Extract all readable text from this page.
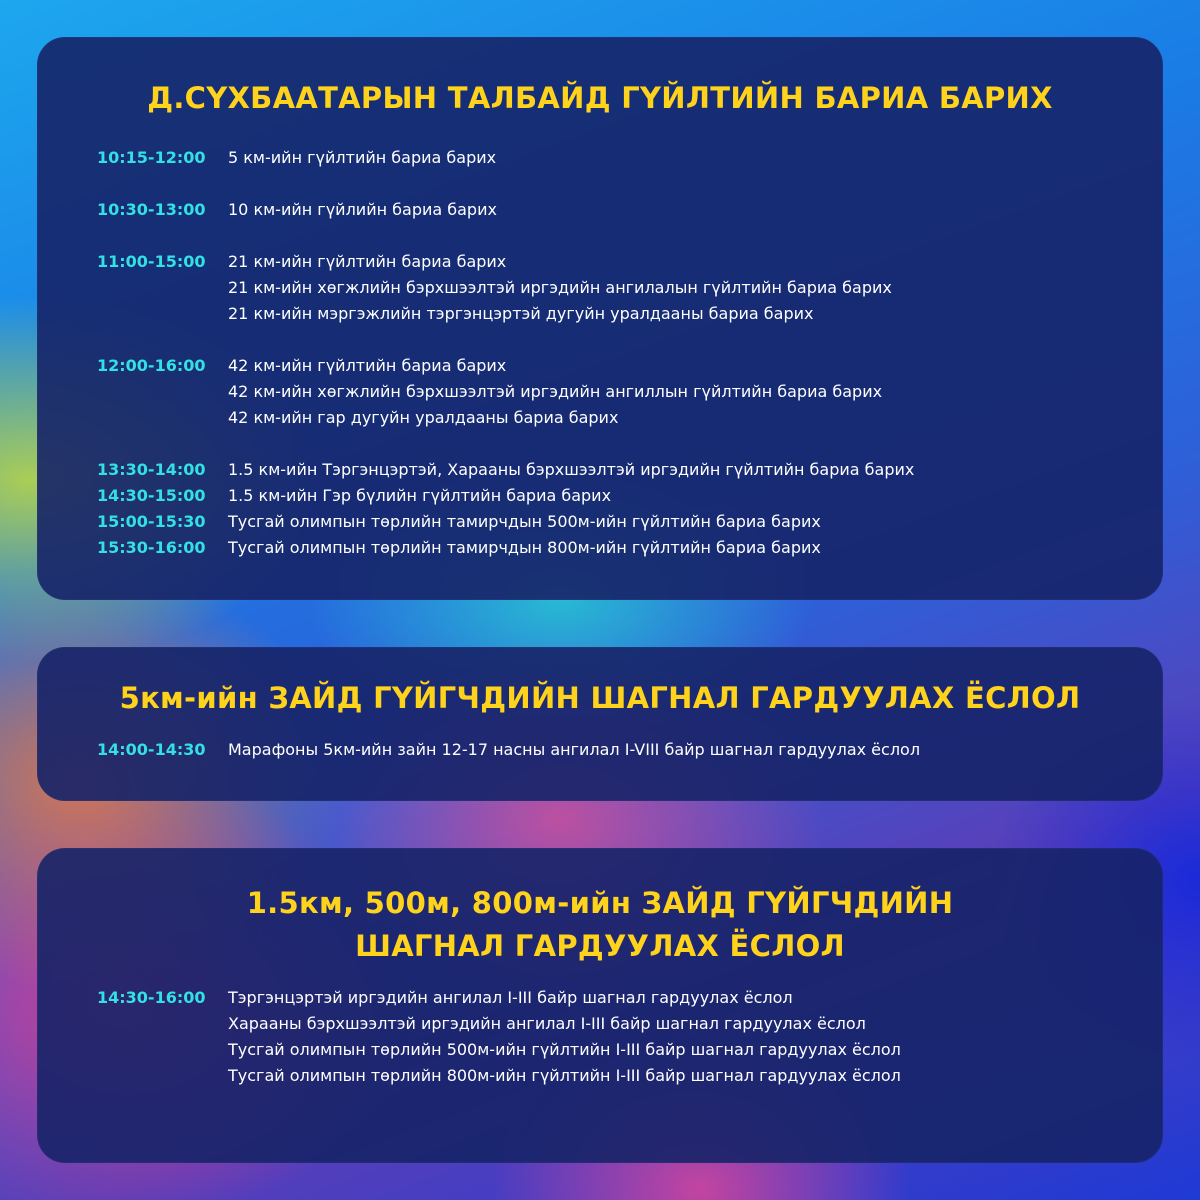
Д.СҮХБААТАРЫН ТАЛБАЙД ГҮЙЛТИЙН БАРИА БАРИХ
10:15-12:00	5 км-ийн гүйлтийн бариа барих
10:30-13:00	10 км-ийн гүйлийн бариа барих
11:00-15:00	21 км-ийн гүйлтийн бариа барих
21 км-ийн хөгжлийн бэрхшээлтэй иргэдийн ангилалын гүйлтийн бариа барих
21 км-ийн мэргэжлийн тэргэнцэртэй дугуйн уралдааны бариа барих
12:00-16:00	42 км-ийн гүйлтийн бариа барих
42 км-ийн хөгжлийн бэрхшээлтэй иргэдийн ангиллын гүйлтийн бариа барих
42 км-ийн гар дугуйн уралдааны бариа барих
13:30-14:00	1.5 км-ийн Тэргэнцэртэй, Харааны бэрхшээлтэй иргэдийн гүйлтийн бариа барих
14:30-15:00	1.5 км-ийн Гэр бүлийн гүйлтийн бариа барих
15:00-15:30	Тусгай олимпын төрлийн тамирчдын 500м-ийн гүйлтийн бариа барих
15:30-16:00	Тусгай олимпын төрлийн тамирчдын 800м-ийн гүйлтийн бариа барих
5км-ийн ЗАЙД ГҮЙГЧДИЙН ШАГНАЛ ГАРДУУЛАХ ЁСЛОЛ
14:00-14:30	Марафоны 5км-ийн зайн 12-17 насны ангилал I-VIII байр шагнал гардуулах ёслол
1.5км, 500м, 800м-ийн ЗАЙД ГҮЙГЧДИЙН
ШАГНАЛ ГАРДУУЛАХ ЁСЛОЛ
14:30-16:00	Тэргэнцэртэй иргэдийн ангилал I-III байр шагнал гардуулах ёслол
Харааны бэрхшээлтэй иргэдийн ангилал I-III байр шагнал гардуулах ёслол
Тусгай олимпын төрлийн 500м-ийн гүйлтийн I-III байр шагнал гардуулах ёслол
Тусгай олимпын төрлийн 800м-ийн гүйлтийн I-III байр шагнал гардуулах ёслол
